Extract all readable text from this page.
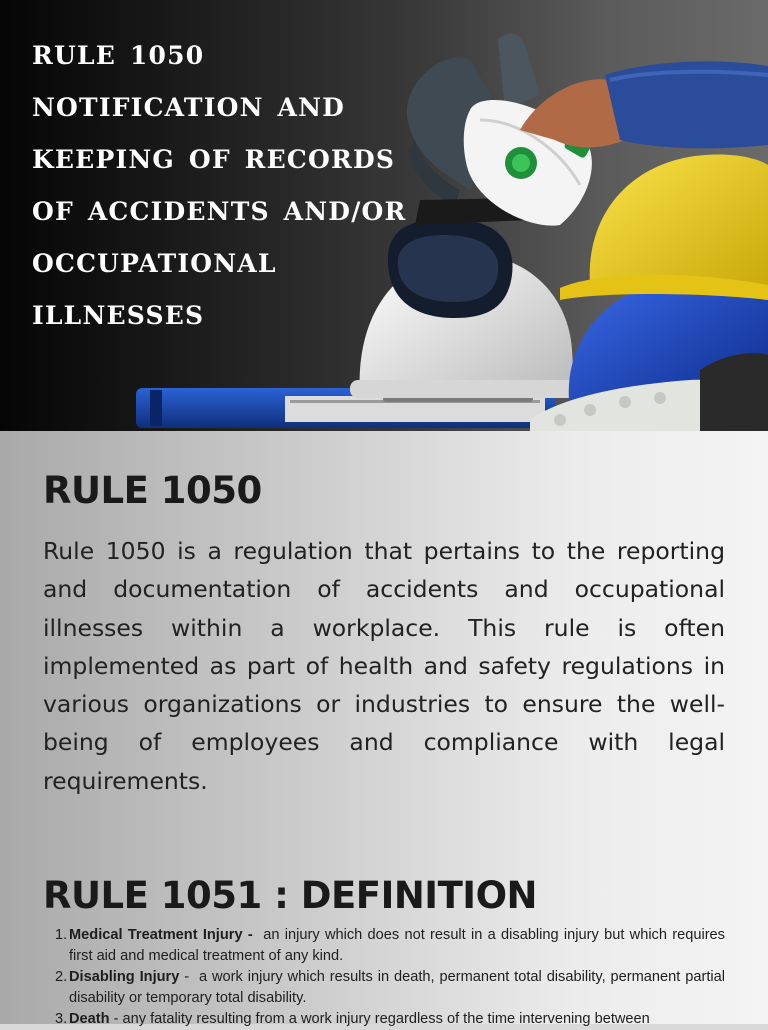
RULE 1050
NOTIFICATION AND
KEEPING OF RECORDS
OF ACCIDENTS AND/OR
OCCUPATIONAL
ILLNESSES
RULE 1050

Rule 1050 is a regulation that pertains to the reporting and documentation of accidents and occupational illnesses within a workplace. This rule is often implemented as part of health and safety regulations in various organizations or industries to ensure the well-being of employees and compliance with legal requirements.

RULE 1051 : DEFINITION
1. Medical Treatment Injury -  an injury which does not result in a disabling injury but which requires first aid and medical treatment of any kind.
2. Disabling Injury -  a work injury which results in death, permanent total disability, permanent partial disability or temporary total disability.
3. Death - any fatality resulting from a work injury regardless of the time intervening between
